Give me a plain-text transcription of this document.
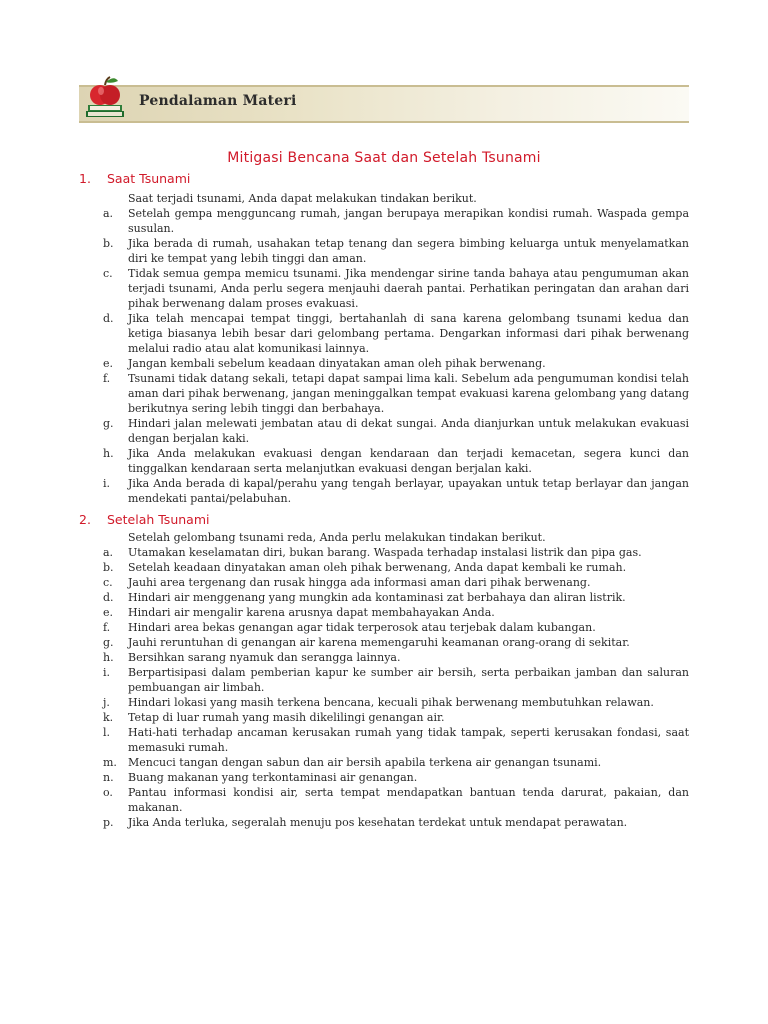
Pendalaman Materi
Mitigasi Bencana Saat dan Setelah Tsunami
1. Saat Tsunami
Saat terjadi tsunami, Anda dapat melakukan tindakan berikut.
a. Setelah gempa mengguncang rumah, jangan berupaya merapikan kondisi rumah. Waspada gempa susulan.
b. Jika berada di rumah, usahakan tetap tenang dan segera bimbing keluarga untuk menyelamatkan diri ke tempat yang lebih tinggi dan aman.
c. Tidak semua gempa memicu tsunami. Jika mendengar sirine tanda bahaya atau pengumuman akan terjadi tsunami, Anda perlu segera menjauhi daerah pantai. Perhatikan peringatan dan arahan dari pihak berwenang dalam proses evakuasi.
d. Jika telah mencapai tempat tinggi, bertahanlah di sana karena gelombang tsunami kedua dan ketiga biasanya lebih besar dari gelombang pertama. Dengarkan informasi dari pihak berwenang melalui radio atau alat komunikasi lainnya.
e. Jangan kembali sebelum keadaan dinyatakan aman oleh pihak berwenang.
f. Tsunami tidak datang sekali, tetapi dapat sampai lima kali. Sebelum ada pengumuman kondisi telah aman dari pihak berwenang, jangan meninggalkan tempat evakuasi karena gelombang yang datang berikutnya sering lebih tinggi dan berbahaya.
g. Hindari jalan melewati jembatan atau di dekat sungai. Anda dianjurkan untuk melakukan evakuasi dengan berjalan kaki.
h. Jika Anda melakukan evakuasi dengan kendaraan dan terjadi kemacetan, segera kunci dan tinggalkan kendaraan serta melanjutkan evakuasi dengan berjalan kaki.
i. Jika Anda berada di kapal/perahu yang tengah berlayar, upayakan untuk tetap berlayar dan jangan mendekati pantai/pelabuhan.
2. Setelah Tsunami
Setelah gelombang tsunami reda, Anda perlu melakukan tindakan berikut.
a. Utamakan keselamatan diri, bukan barang. Waspada terhadap instalasi listrik dan pipa gas.
b. Setelah keadaan dinyatakan aman oleh pihak berwenang, Anda dapat kembali ke rumah.
c. Jauhi area tergenang dan rusak hingga ada informasi aman dari pihak berwenang.
d. Hindari air menggenang yang mungkin ada kontaminasi zat berbahaya dan aliran listrik.
e. Hindari air mengalir karena arusnya dapat membahayakan Anda.
f. Hindari area bekas genangan agar tidak terperosok atau terjebak dalam kubangan.
g. Jauhi reruntuhan di genangan air karena memengaruhi keamanan orang-orang di sekitar.
h. Bersihkan sarang nyamuk dan serangga lainnya.
i. Berpartisipasi dalam pemberian kapur ke sumber air bersih, serta perbaikan jamban dan saluran pembuangan air limbah.
j. Hindari lokasi yang masih terkena bencana, kecuali pihak berwenang membutuhkan relawan.
k. Tetap di luar rumah yang masih dikelilingi genangan air.
l. Hati-hati terhadap ancaman kerusakan rumah yang tidak tampak, seperti kerusakan fondasi, saat memasuki rumah.
m. Mencuci tangan dengan sabun dan air bersih apabila terkena air genangan tsunami.
n. Buang makanan yang terkontaminasi air genangan.
o. Pantau informasi kondisi air, serta tempat mendapatkan bantuan tenda darurat, pakaian, dan makanan.
p. Jika Anda terluka, segeralah menuju pos kesehatan terdekat untuk mendapat perawatan.
